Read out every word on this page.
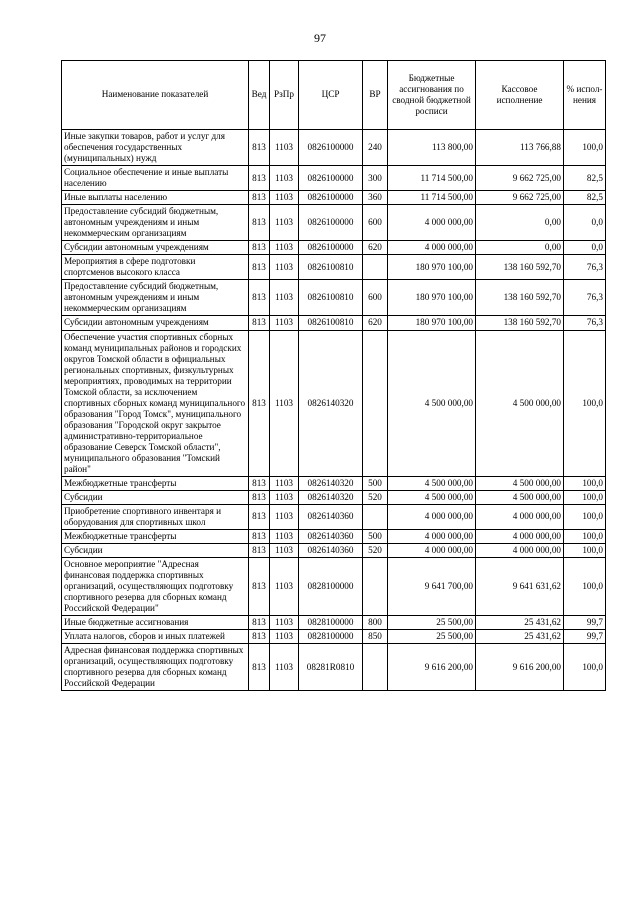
97
Наименование показателей	Вед	РзПр	ЦСР	ВР	Бюджетные ассигнования по сводной бюджетной росписи	Кассовое исполнение	% испол-нения
Иные закупки товаров, работ и услуг для обеспечения государственных (муниципальных) нужд	813	1103	0826100000	240	113 800,00	113 766,88	100,0
Социальное обеспечение и иные выплаты населению	813	1103	0826100000	300	11 714 500,00	9 662 725,00	82,5
Иные выплаты населению	813	1103	0826100000	360	11 714 500,00	9 662 725,00	82,5
Предоставление субсидий бюджетным, автономным учреждениям и иным некоммерческим организациям	813	1103	0826100000	600	4 000 000,00	0,00	0,0
Субсидии автономным учреждениям	813	1103	0826100000	620	4 000 000,00	0,00	0,0
Мероприятия в сфере подготовки спортсменов высокого класса	813	1103	0826100810		180 970 100,00	138 160 592,70	76,3
Предоставление субсидий бюджетным, автономным учреждениям и иным некоммерческим организациям	813	1103	0826100810	600	180 970 100,00	138 160 592,70	76,3
Субсидии автономным учреждениям	813	1103	0826100810	620	180 970 100,00	138 160 592,70	76,3
Обеспечение участия спортивных сборных команд муниципальных районов и городских округов Томской области в официальных региональных спортивных, физкультурных мероприятиях, проводимых на территории Томской области, за исключением спортивных сборных команд муниципального образования "Город Томск", муниципального образования "Городской округ закрытое административно-территориальное образование Северск Томской области", муниципального образования "Томский район"	813	1103	0826140320		4 500 000,00	4 500 000,00	100,0
Межбюджетные трансферты	813	1103	0826140320	500	4 500 000,00	4 500 000,00	100,0
Субсидии	813	1103	0826140320	520	4 500 000,00	4 500 000,00	100,0
Приобретение спортивного инвентаря и оборудования для спортивных школ	813	1103	0826140360		4 000 000,00	4 000 000,00	100,0
Межбюджетные трансферты	813	1103	0826140360	500	4 000 000,00	4 000 000,00	100,0
Субсидии	813	1103	0826140360	520	4 000 000,00	4 000 000,00	100,0
Основное мероприятие "Адресная финансовая поддержка спортивных организаций, осуществляющих подготовку спортивного резерва для сборных команд Российской Федерации"	813	1103	0828100000		9 641 700,00	9 641 631,62	100,0
Иные бюджетные ассигнования	813	1103	0828100000	800	25 500,00	25 431,62	99,7
Уплата налогов, сборов и иных платежей	813	1103	0828100000	850	25 500,00	25 431,62	99,7
Адресная финансовая поддержка спортивных организаций, осуществляющих подготовку спортивного резерва для сборных команд Российской Федерации	813	1103	08281R0810		9 616 200,00	9 616 200,00	100,0
